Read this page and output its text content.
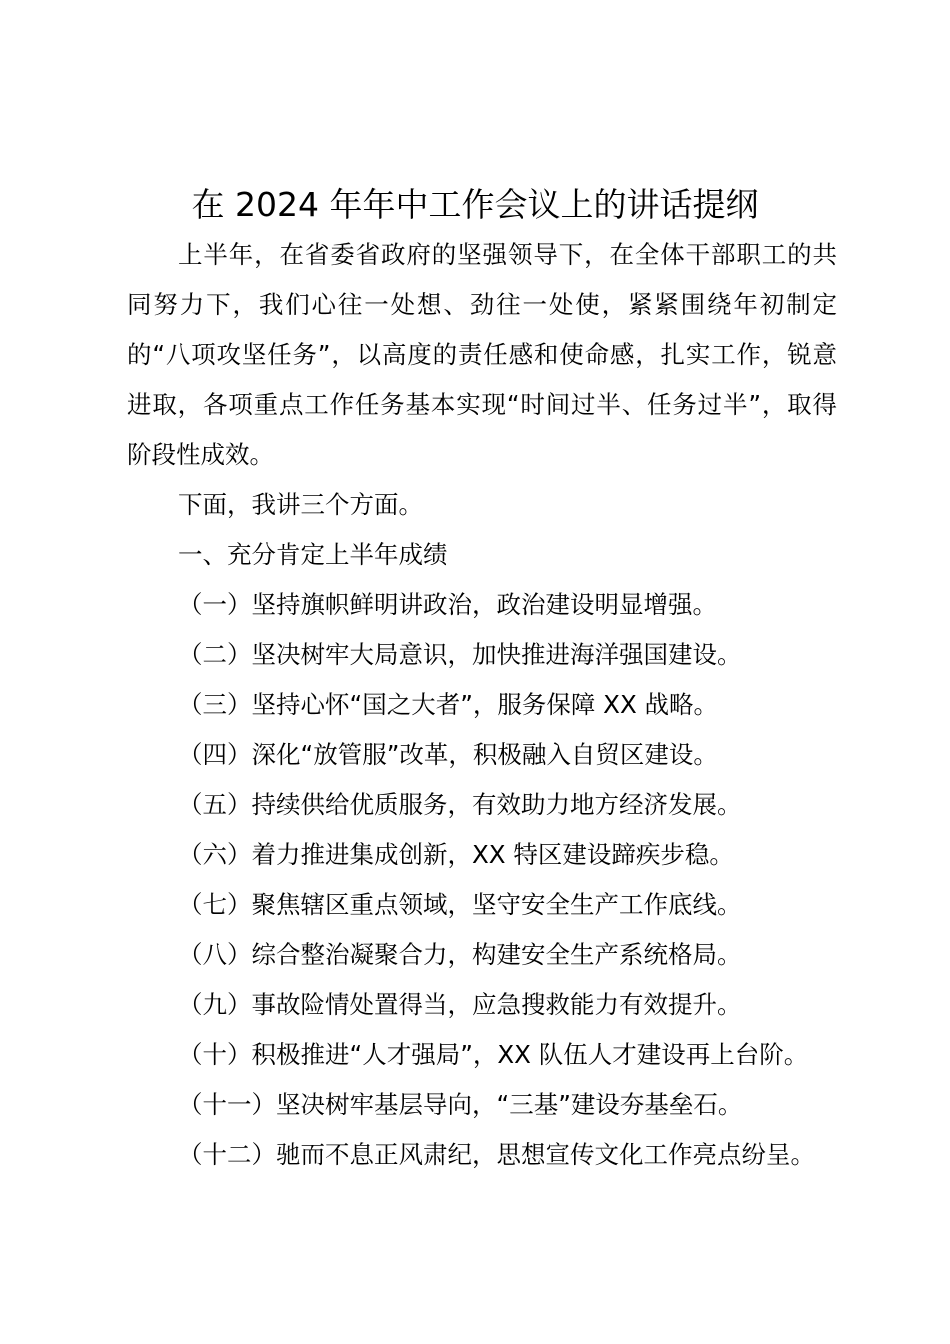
在 2024 年年中工作会议上的讲话提纲

上半年，在省委省政府的坚强领导下，在全体干部职工的共同努力下，我们心往一处想、劲往一处使，紧紧围绕年初制定的“八项攻坚任务”，以高度的责任感和使命感，扎实工作，锐意进取，各项重点工作任务基本实现“时间过半、任务过半”，取得阶段性成效。

下面，我讲三个方面。

一、充分肯定上半年成绩

（一）坚持旗帜鲜明讲政治，政治建设明显增强。

（二）坚决树牢大局意识，加快推进海洋强国建设。

（三）坚持心怀“国之大者”，服务保障 XX 战略。

（四）深化“放管服”改革，积极融入自贸区建设。

（五）持续供给优质服务，有效助力地方经济发展。

（六）着力推进集成创新，XX 特区建设蹄疾步稳。

（七）聚焦辖区重点领域，坚守安全生产工作底线。

（八）综合整治凝聚合力，构建安全生产系统格局。

（九）事故险情处置得当，应急搜救能力有效提升。

（十）积极推进“人才强局”，XX 队伍人才建设再上台阶。

（十一）坚决树牢基层导向，“三基”建设夯基垒石。

（十二）驰而不息正风肃纪，思想宣传文化工作亮点纷呈。
